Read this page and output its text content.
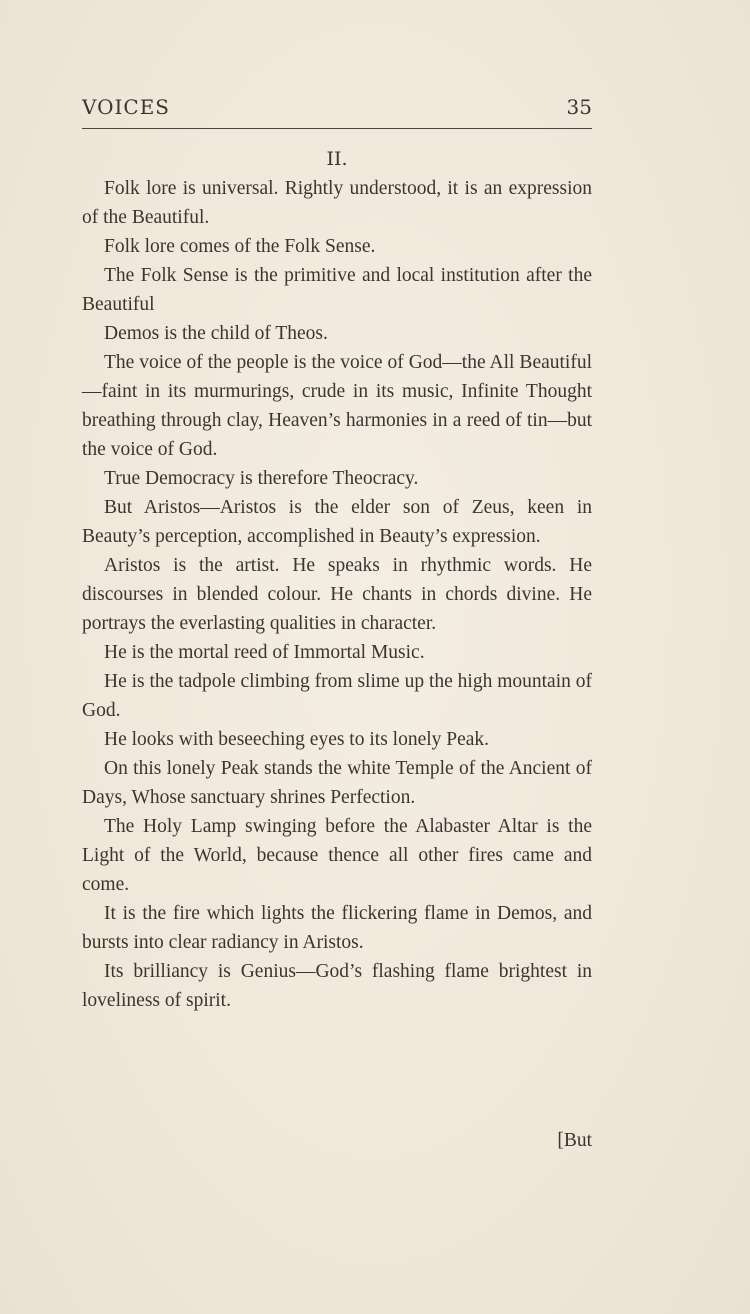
VOICES	35
II.

Folk lore is universal. Rightly understood, it is an expression of the Beautiful.

Folk lore comes of the Folk Sense.

The Folk Sense is the primitive and local institution after the Beautiful

Demos is the child of Theos.

The voice of the people is the voice of God—the All Beautiful—faint in its murmurings, crude in its music, Infinite Thought breathing through clay, Heaven’s harmonies in a reed of tin—but the voice of God.

True Democracy is therefore Theocracy.

But Aristos—Aristos is the elder son of Zeus, keen in Beauty’s perception, accomplished in Beauty’s expression.

Aristos is the artist. He speaks in rhythmic words. He discourses in blended colour. He chants in chords divine. He portrays the everlasting qualities in character.

He is the mortal reed of Immortal Music.

He is the tadpole climbing from slime up the high mountain of God.

He looks with beseeching eyes to its lonely Peak.

On this lonely Peak stands the white Temple of the Ancient of Days, Whose sanctuary shrines Perfection.

The Holy Lamp swinging before the Alabaster Altar is the Light of the World, because thence all other fires came and come.

It is the fire which lights the flickering flame in Demos, and bursts into clear radiancy in Aristos.

Its brilliancy is Genius—God’s flashing flame brightest in loveliness of spirit.

[But
